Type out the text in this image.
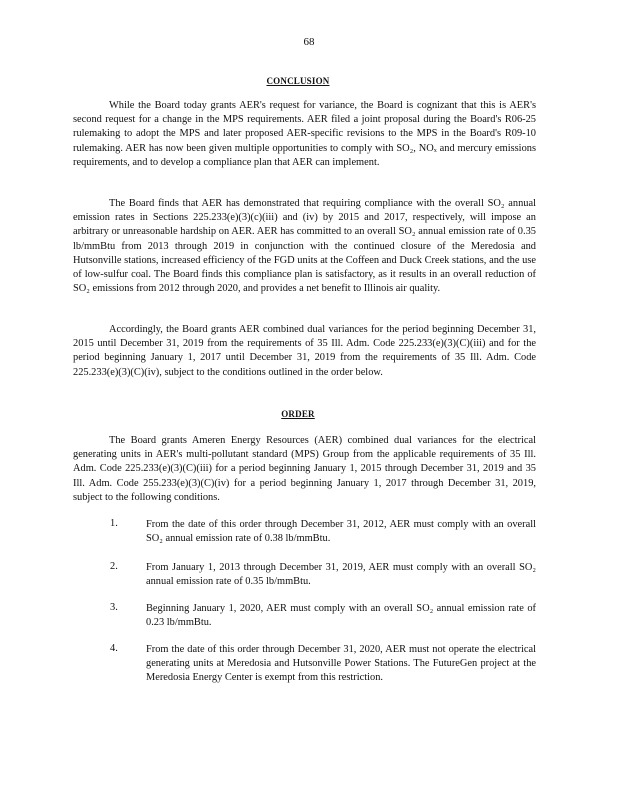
68
CONCLUSION

While the Board today grants AER's request for variance, the Board is cognizant that this is AER's second request for a change in the MPS requirements. AER filed a joint proposal during the Board's R06-25 rulemaking to adopt the MPS and later proposed AER-specific revisions to the MPS in the Board's R09-10 rulemaking. AER has now been given multiple opportunities to comply with SO₂, NOₓ and mercury emissions requirements, and to develop a compliance plan that AER can implement.

The Board finds that AER has demonstrated that requiring compliance with the overall SO₂ annual emission rates in Sections 225.233(e)(3)(c)(iii) and (iv) by 2015 and 2017, respectively, will impose an arbitrary or unreasonable hardship on AER. AER has committed to an overall SO₂ annual emission rate of 0.35 lb/mmBtu from 2013 through 2019 in conjunction with the continued closure of the Meredosia and Hutsonville stations, increased efficiency of the FGD units at the Coffeen and Duck Creek stations, and the use of low-sulfur coal. The Board finds this compliance plan is satisfactory, as it results in an overall reduction of SO₂ emissions from 2012 through 2020, and provides a net benefit to Illinois air quality.

Accordingly, the Board grants AER combined dual variances for the period beginning December 31, 2015 until December 31, 2019 from the requirements of 35 Ill. Adm. Code 225.233(e)(3)(C)(iii) and for the period beginning January 1, 2017 until December 31, 2019 from the requirements of 35 Ill. Adm. Code 225.233(e)(3)(C)(iv), subject to the conditions outlined in the order below.

ORDER

The Board grants Ameren Energy Resources (AER) combined dual variances for the electrical generating units in AER's multi-pollutant standard (MPS) Group from the applicable requirements of 35 Ill. Adm. Code 225.233(e)(3)(C)(iii) for a period beginning January 1, 2015 through December 31, 2019 and 35 Ill. Adm. Code 255.233(e)(3)(C)(iv) for a period beginning January 1, 2017 through December 31, 2019, subject to the following conditions.

1.	From the date of this order through December 31, 2012, AER must comply with an overall SO₂ annual emission rate of 0.38 lb/mmBtu.

2.	From January 1, 2013 through December 31, 2019, AER must comply with an overall SO₂ annual emission rate of 0.35 lb/mmBtu.

3.	Beginning January 1, 2020, AER must comply with an overall SO₂ annual emission rate of 0.23 lb/mmBtu.

4.	From the date of this order through December 31, 2020, AER must not operate the electrical generating units at Meredosia and Hutsonville Power Stations. The FutureGen project at the Meredosia Energy Center is exempt from this restriction.
